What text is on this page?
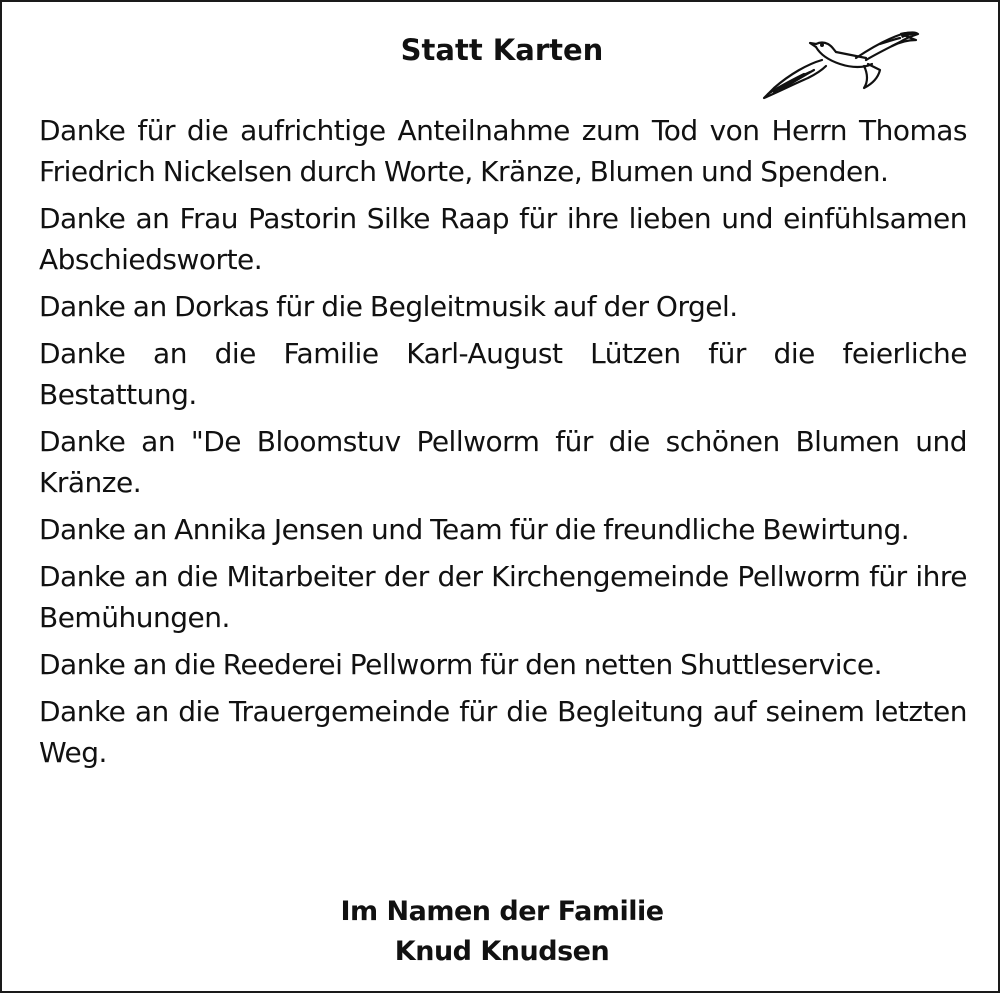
Statt Karten

Danke für die aufrichtige Anteilnahme zum Tod von Herrn Thomas Friedrich Nickelsen durch Worte, Kränze, Blumen und Spenden.

Danke an Frau Pastorin Silke Raap für ihre lieben und einfühlsamen Abschiedsworte.

Danke an Dorkas für die Begleitmusik auf der Orgel.

Danke an die Familie Karl-August Lützen für die feierliche Bestattung.

Danke an "De Bloomstuv Pellworm für die schönen Blumen und Kränze.

Danke an Annika Jensen und Team für die freundliche Bewirtung.

Danke an die Mitarbeiter der der Kirchengemeinde Pellworm für ihre Bemühungen.

Danke an die Reederei Pellworm für den netten Shuttleservice.

Danke an die Trauergemeinde für die Begleitung auf seinem letzten Weg.

Im Namen der Familie
Knud Knudsen
